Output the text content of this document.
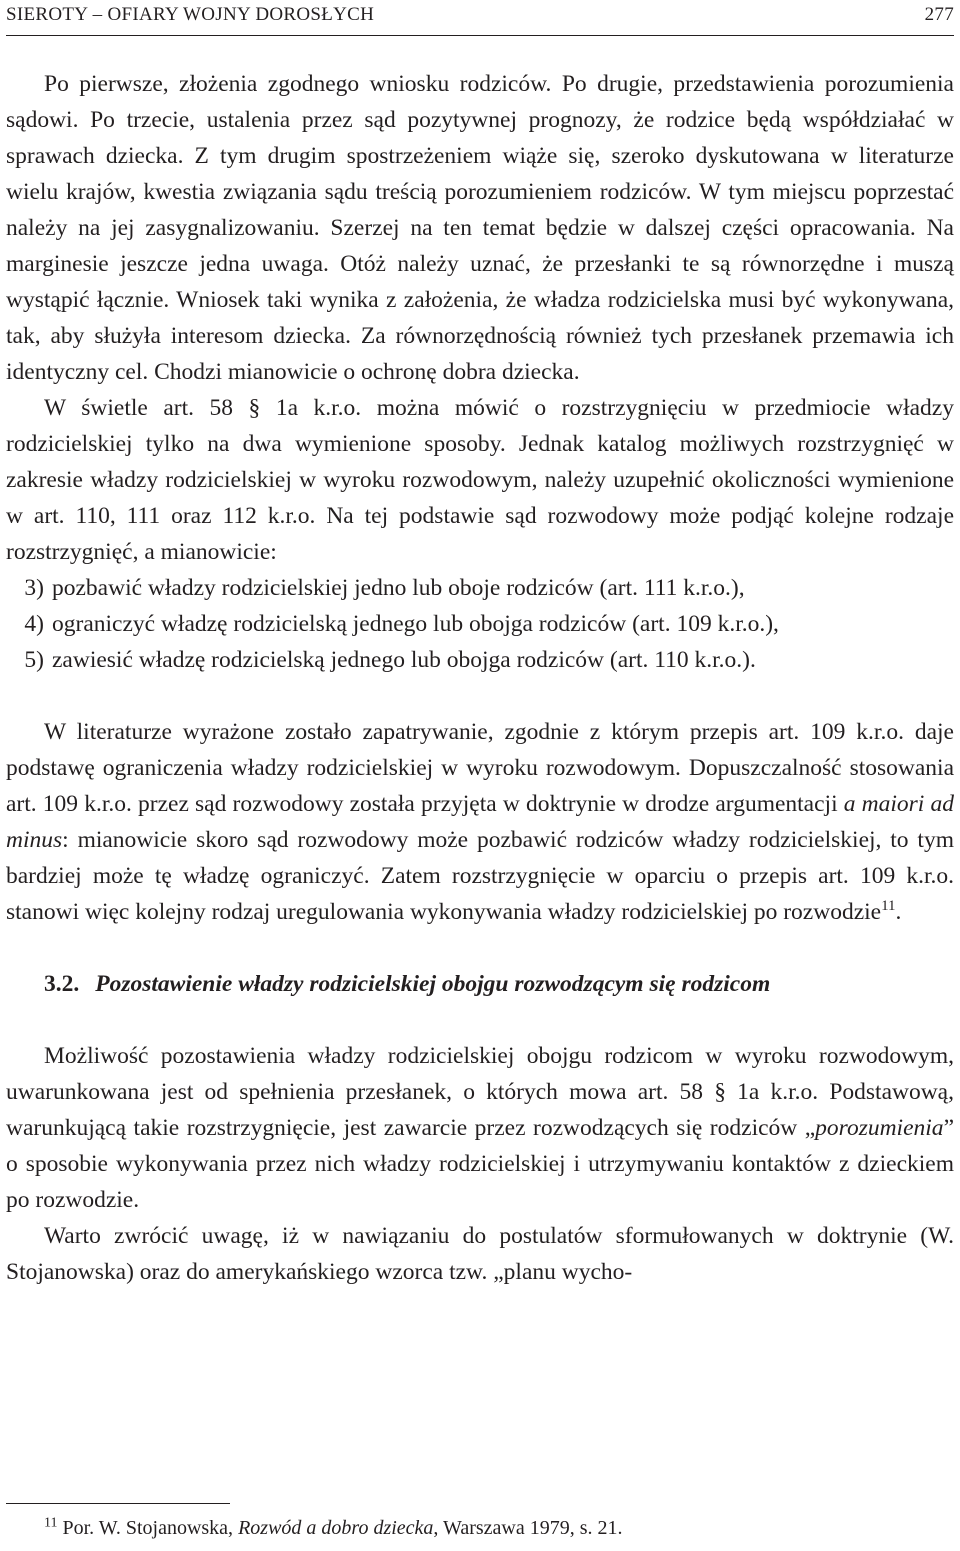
SIEROTY – OFIARY WOJNY DOROSŁYCH	277

Po pierwsze, złożenia zgodnego wniosku rodziców. Po drugie, przedstawienia porozumienia sądowi. Po trzecie, ustalenia przez sąd pozytywnej prognozy, że rodzice będą współdziałać w sprawach dziecka. Z tym drugim spostrzeżeniem wiąże się, szeroko dyskutowana w literaturze wielu krajów, kwestia związania sądu treścią porozumieniem rodziców. W tym miejscu poprzestać należy na jej zasygnalizowaniu. Szerzej na ten temat będzie w dalszej części opracowania. Na marginesie jeszcze jedna uwaga. Otóż należy uznać, że przesłanki te są równorzędne i muszą wystąpić łącznie. Wniosek taki wynika z założenia, że władza rodzicielska musi być wykonywana, tak, aby służyła interesom dziecka. Za równorzędnością również tych przesłanek przemawia ich identyczny cel. Chodzi mianowicie o ochronę dobra dziecka.

W świetle art. 58 § 1a k.r.o. można mówić o rozstrzygnięciu w przedmiocie władzy rodzicielskiej tylko na dwa wymienione sposoby. Jednak katalog możliwych rozstrzygnięć w zakresie władzy rodzicielskiej w wyroku rozwodowym, należy uzupełnić okoliczności wymienione w art. 110, 111 oraz 112 k.r.o. Na tej podstawie sąd rozwodowy może podjąć kolejne rodzaje rozstrzygnięć, a mianowicie:

3) pozbawić władzy rodzicielskiej jedno lub oboje rodziców (art. 111 k.r.o.),
4) ograniczyć władzę rodzicielską jednego lub obojga rodziców (art. 109 k.r.o.),
5) zawiesić władzę rodzicielską jednego lub obojga rodziców (art. 110 k.r.o.).

W literaturze wyrażone zostało zapatrywanie, zgodnie z którym przepis art. 109 k.r.o. daje podstawę ograniczenia władzy rodzicielskiej w wyroku rozwodowym. Dopuszczalność stosowania art. 109 k.r.o. przez sąd rozwodowy została przyjęta w doktrynie w drodze argumentacji a maiori ad minus: mianowicie skoro sąd rozwodowy może pozbawić rodziców władzy rodzicielskiej, to tym bardziej może tę władzę ograniczyć. Zatem rozstrzygnięcie w oparciu o przepis art. 109 k.r.o. stanowi więc kolejny rodzaj uregulowania wykonywania władzy rodzicielskiej po rozwodzie$^{11}$.

3.2. Pozostawienie władzy rodzicielskiej obojgu rozwodzącym się rodzicom

Możliwość pozostawienia władzy rodzicielskiej obojgu rodzicom w wyroku rozwodowym, uwarunkowana jest od spełnienia przesłanek, o których mowa art. 58 § 1a k.r.o. Podstawową, warunkującą takie rozstrzygnięcie, jest zawarcie przez rozwodzących się rodziców „porozumienia” o sposobie wykonywania przez nich władzy rodzicielskiej i utrzymywaniu kontaktów z dzieckiem po rozwodzie.

Warto zwrócić uwagę, iż w nawiązaniu do postulatów sformułowanych w doktrynie (W. Stojanowska) oraz do amerykańskiego wzorca tzw. „planu wycho-

$^{11}$ Por. W. Stojanowska, Rozwód a dobro dziecka, Warszawa 1979, s. 21.
